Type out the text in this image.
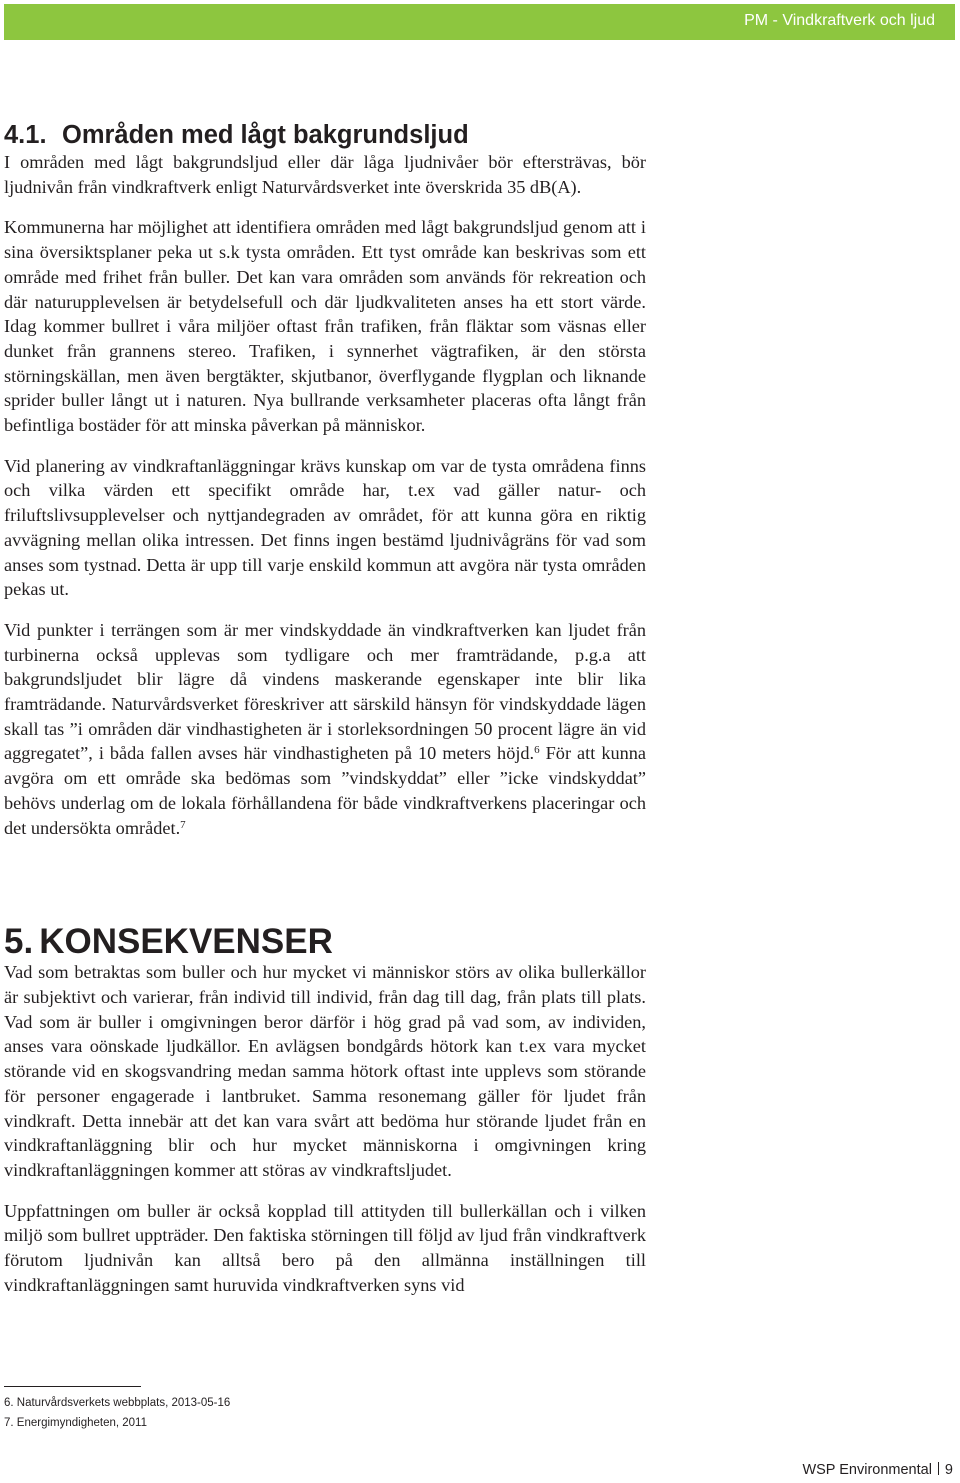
PM - Vindkraftverk och ljud
4.1. Områden med lågt bakgrundsljud

I områden med lågt bakgrundsljud eller där låga ljudnivåer bör eftersträvas, bör ljudnivån från vindkraftverk enligt Naturvårdsverket inte överskrida 35 dB(A).

Kommunerna har möjlighet att identifiera områden med lågt bakgrundsljud genom att i sina översiktsplaner peka ut s.k tysta områden. Ett tyst område kan beskrivas som ett område med frihet från buller. Det kan vara områden som används för rekreation och där naturupplevelsen är betydelsefull och där ljudkvaliteten anses ha ett stort värde. Idag kommer bullret i våra miljöer oftast från trafiken, från fläktar som väsnas eller dunket från grannens stereo. Trafiken, i synnerhet vägtrafiken, är den största störningskällan, men även bergtäkter, skjutbanor, överflygande flygplan och liknande sprider buller långt ut i naturen. Nya bullrande verksamheter placeras ofta långt från befintliga bostäder för att minska påverkan på människor.

Vid planering av vindkraftanläggningar krävs kunskap om var de tysta områdena finns och vilka värden ett specifikt område har, t.ex vad gäller natur- och friluftslivsupplevelser och nyttjandegraden av området, för att kunna göra en riktig avvägning mellan olika intressen. Det finns ingen bestämd ljudnivågräns för vad som anses som tystnad. Detta är upp till varje enskild kommun att avgöra när tysta områden pekas ut.

Vid punkter i terrängen som är mer vindskyddade än vindkraftverken kan ljudet från turbinerna också upplevas som tydligare och mer framträdande, p.g.a att bakgrundsljudet blir lägre då vindens maskerande egenskaper inte blir lika framträdande. Naturvårdsverket föreskriver att särskild hänsyn för vindskyddade lägen skall tas ”i områden där vindhastigheten är i storleksordningen 50 procent lägre än vid aggregatet”, i båda fallen avses här vindhastigheten på 10 meters höjd.$^6$ För att kunna avgöra om ett område ska bedömas som ”vindskyddat” eller ”icke vindskyddat” behövs underlag om de lokala förhållandena för både vindkraftverkens placeringar och det undersökta området.$^7$

5. KONSEKVENSER

Vad som betraktas som buller och hur mycket vi människor störs av olika bullerkällor är subjektivt och varierar, från individ till individ, från dag till dag, från plats till plats. Vad som är buller i omgivningen beror därför i hög grad på vad som, av individen, anses vara oönskade ljudkällor. En avlägsen bondgårds hötork kan t.ex vara mycket störande vid en skogsvandring medan samma hötork oftast inte upplevs som störande för personer engagerade i lantbruket. Samma resonemang gäller för ljudet från vindkraft. Detta innebär att det kan vara svårt att bedöma hur störande ljudet från en vindkraftanläggning blir och hur mycket människorna i omgivningen kring vindkraftanläggningen kommer att störas av vindkraftsljudet.

Uppfattningen om buller är också kopplad till attityden till bullerkällan och i vilken miljö som bullret uppträder. Den faktiska störningen till följd av ljud från vindkraftverk förutom ljudnivån kan alltså bero på den allmänna inställningen till vindkraftanläggningen samt huruvida vindkraftverken syns vid

6. Naturvårdsverkets webbplats, 2013-05-16
7. Energimyndigheten, 2011
WSP Environmental 9
